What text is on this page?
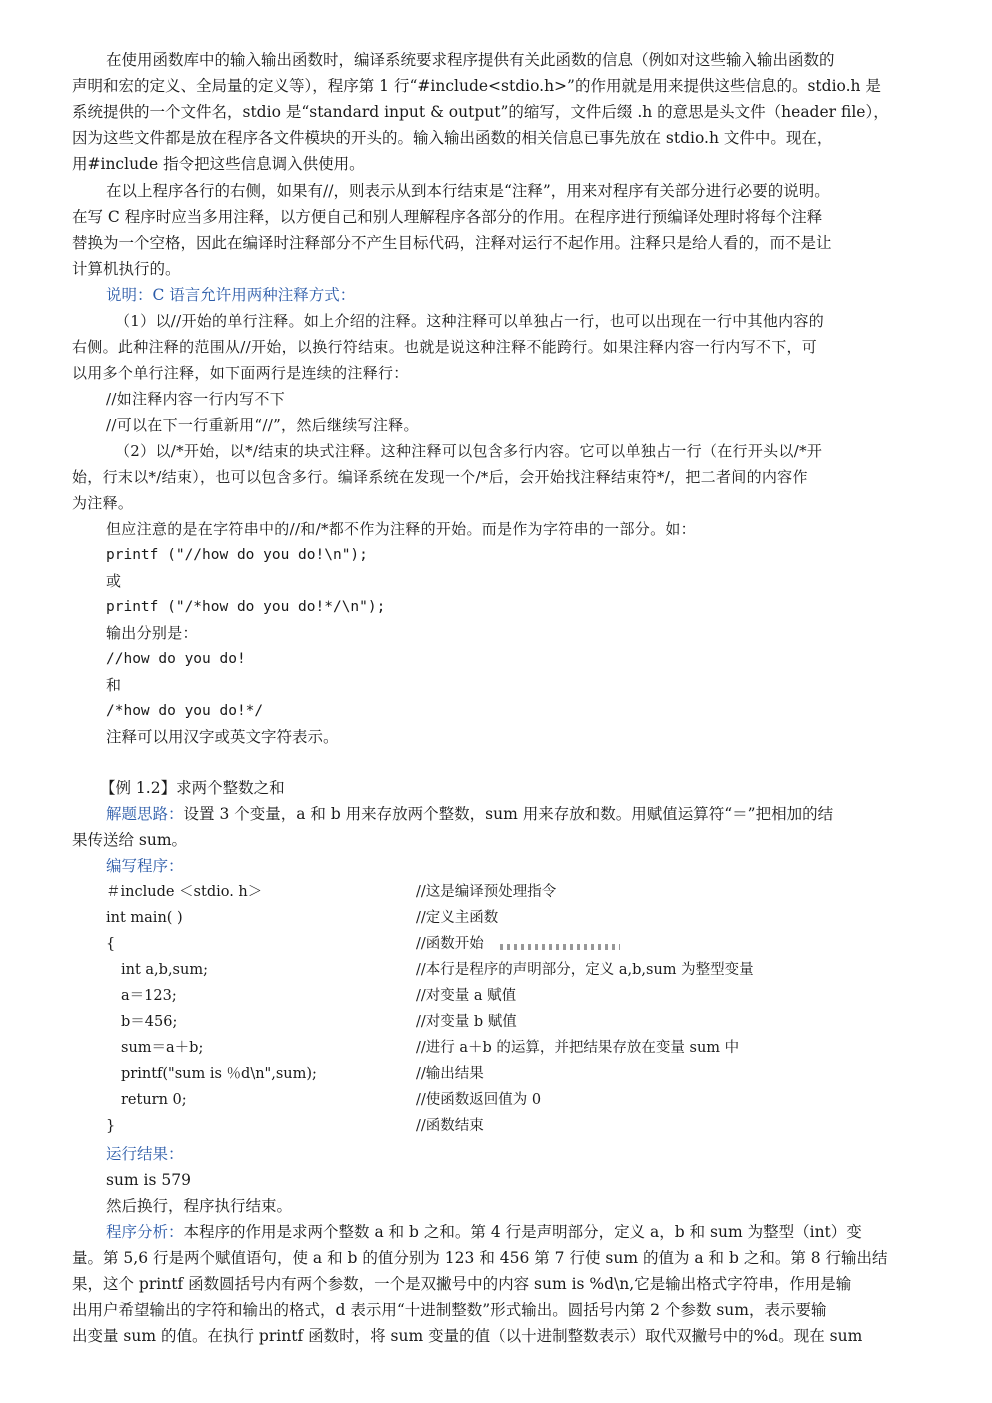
在使用函数库中的输入输出函数时，编译系统要求程序提供有关此函数的信息（例如对这些输入输出函数的
声明和宏的定义、全局量的定义等），程序第 1 行“#include<stdio.h>”的作用就是用来提供这些信息的。stdio.h 是
系统提供的一个文件名，stdio 是“standard input & output”的缩写，文件后缀 .h 的意思是头文件（header file），
因为这些文件都是放在程序各文件模块的开头的。输入输出函数的相关信息已事先放在 stdio.h 文件中。现在，
用#include 指令把这些信息调入供使用。
在以上程序各行的右侧，如果有//，则表示从到本行结束是“注释”，用来对程序有关部分进行必要的说明。
在写 C 程序时应当多用注释，以方便自己和别人理解程序各部分的作用。在程序进行预编译处理时将每个注释
替换为一个空格，因此在编译时注释部分不产生目标代码，注释对运行不起作用。注释只是给人看的，而不是让
计算机执行的。
说明：C 语言允许用两种注释方式：
（1）以//开始的单行注释。如上介绍的注释。这种注释可以单独占一行，也可以出现在一行中其他内容的
右侧。此种注释的范围从//开始，以换行符结束。也就是说这种注释不能跨行。如果注释内容一行内写不下，可
以用多个单行注释，如下面两行是连续的注释行：
//如注释内容一行内写不下
//可以在下一行重新用“//”，然后继续写注释。
（2）以/*开始，以*/结束的块式注释。这种注释可以包含多行内容。它可以单独占一行（在行开头以/*开
始，行末以*/结束），也可以包含多行。编译系统在发现一个/*后，会开始找注释结束符*/，把二者间的内容作
为注释。
但应注意的是在字符串中的//和/*都不作为注释的开始。而是作为字符串的一部分。如：
printf ("//how do you do!\n");
或
printf ("/*how do you do!*/\n");
输出分别是：
//how do you do!
和
/*how do you do!*/
注释可以用汉字或英文字符表示。
【例 1.2】求两个整数之和
解题思路：设置 3 个变量，a 和 b 用来存放两个整数，sum 用来存放和数。用赋值运算符“＝”把相加的结
果传送给 sum。
编写程序：
＃include ＜stdio. h＞	//这是编译预处理指令
int main( )	//定义主函数
{	//函数开始
int a,b,sum;	//本行是程序的声明部分，定义 a,b,sum 为整型变量
a＝123;	//对变量 a 赋值
b＝456;	//对变量 b 赋值
sum＝a＋b;	//进行 a＋b 的运算，并把结果存放在变量 sum 中
printf("sum is ％d\n",sum);	//输出结果
return 0;	//使函数返回值为 0
}	//函数结束
运行结果：
sum is 579
然后换行，程序执行结束。
程序分析：本程序的作用是求两个整数 a 和 b 之和。第 4 行是声明部分，定义 a，b 和 sum 为整型（int）变
量。第 5,6 行是两个赋值语句，使 a 和 b 的值分别为 123 和 456 第 7 行使 sum 的值为 a 和 b 之和。第 8 行输出结
果，这个 printf 函数圆括号内有两个参数，一个是双撇号中的内容 sum is %d\n,它是输出格式字符串，作用是输
出用户希望输出的字符和输出的格式，d 表示用“十进制整数”形式输出。圆括号内第 2 个参数 sum，表示要输
出变量 sum 的值。在执行 printf 函数时，将 sum 变量的值（以十进制整数表示）取代双撇号中的%d。现在 sum
